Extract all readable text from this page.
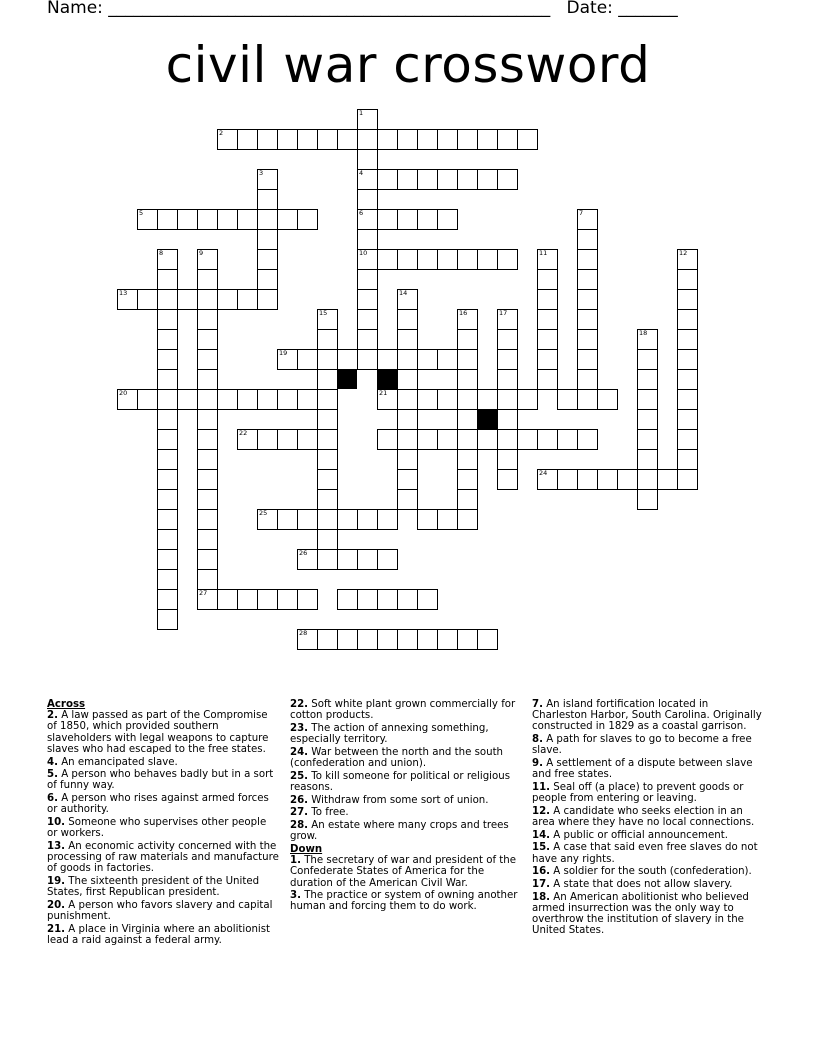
Name: ____________________________________________________ Date: _______
civil war crossword
1
4
6
10
2
3
5	7
8	9
27
11	12
13	14
15	16	17
18
19
20	21
22
24
25
26
28
Across
2. A law passed as part of the Compromise of 1850, which provided southern slaveholders with legal weapons to capture slaves who had escaped to the free states.
4. An emancipated slave.
5. A person who behaves badly but in a sort of funny way.
6. A person who rises against armed forces or authority.
10. Someone who supervises other people or workers.
13. An economic activity concerned with the processing of raw materials and manufacture of goods in factories.
19. The sixteenth president of the United States, first Republican president.
20. A person who favors slavery and capital punishment.
21. A place in Virginia where an abolitionist lead a raid against a federal army.
22. Soft white plant grown commercially for cotton products.
23. The action of annexing something, especially territory.
24. War between the north and the south (confederation and union).
25. To kill someone for political or religious reasons.
26. Withdraw from some sort of union.
27. To free.
28. An estate where many crops and trees grow.
Down
1. The secretary of war and president of the Confederate States of America for the duration of the American Civil War.
3. The practice or system of owning another human and forcing them to do work.
7. An island fortification located in Charleston Harbor, South Carolina. Originally constructed in 1829 as a coastal garrison.
8. A path for slaves to go to become a free slave.
9. A settlement of a dispute between slave and free states.
11. Seal off (a place) to prevent goods or people from entering or leaving.
12. A candidate who seeks election in an area where they have no local connections.
14. A public or official announcement.
15. A case that said even free slaves do not have any rights.
16. A soldier for the south (confederation).
17. A state that does not allow slavery.
18. An American abolitionist who believed armed insurrection was the only way to overthrow the institution of slavery in the United States.
